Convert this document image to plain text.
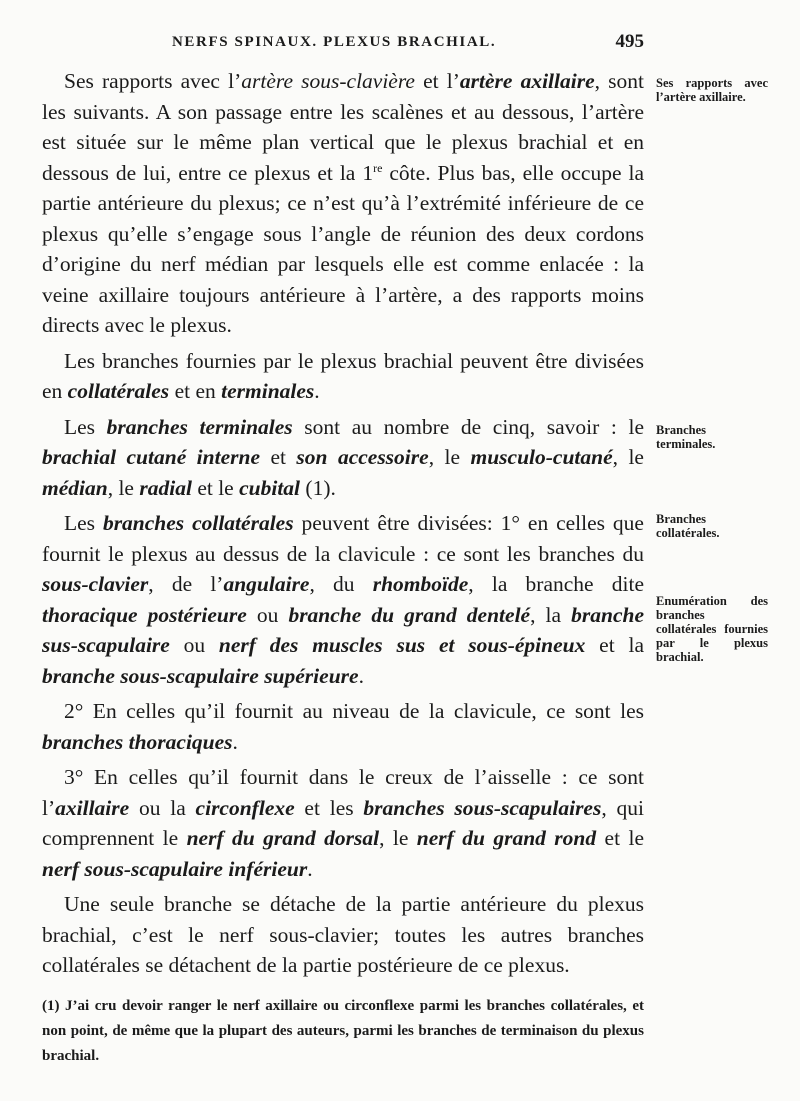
NERFS SPINAUX. PLEXUS BRACHIAL.	495

Ses rapports avec l’artère sous-clavière et l’artère axillaire, sont les suivants. A son passage entre les scalènes et au dessous, l’artère est située sur le même plan vertical que le plexus brachial et en dessous de lui, entre ce plexus et la 1re côte. Plus bas, elle occupe la partie antérieure du plexus; ce n’est qu’à l’extrémité inférieure de ce plexus qu’elle s’engage sous l’angle de réunion des deux cordons d’origine du nerf médian par lesquels elle est comme enlacée : la veine axillaire toujours antérieure à l’artère, a des rapports moins directs avec le plexus.

Les branches fournies par le plexus brachial peuvent être divisées en collatérales et en terminales.

Les branches terminales sont au nombre de cinq, savoir : le brachial cutané interne et son accessoire, le musculo-cutané, le médian, le radial et le cubital (1).

Les branches collatérales peuvent être divisées: 1° en celles que fournit le plexus au dessus de la clavicule : ce sont les branches du sous-clavier, de l’angulaire, du rhomboïde, la branche dite thoracique postérieure ou branche du grand dentelé, la branche sus-scapulaire ou nerf des muscles sus et sous-épineux et la branche sous-scapulaire supérieure.

2° En celles qu’il fournit au niveau de la clavicule, ce sont les branches thoraciques.

3° En celles qu’il fournit dans le creux de l’aisselle : ce sont l’axillaire ou la circonflexe et les branches sous-scapulaires, qui comprennent le nerf du grand dorsal, le nerf du grand rond et le nerf sous-scapulaire inférieur.

Une seule branche se détache de la partie antérieure du plexus brachial, c’est le nerf sous-clavier; toutes les autres branches collatérales se détachent de la partie postérieure de ce plexus.

Ses rapports avec l’artère axillaire.
Branches terminales.
Branches collatérales.
Enumération des branches collatérales fournies par le plexus brachial.
(1) J’ai cru devoir ranger le nerf axillaire ou circonflexe parmi les branches collatérales, et non point, de même que la plupart des auteurs, parmi les branches de terminaison du plexus brachial.
